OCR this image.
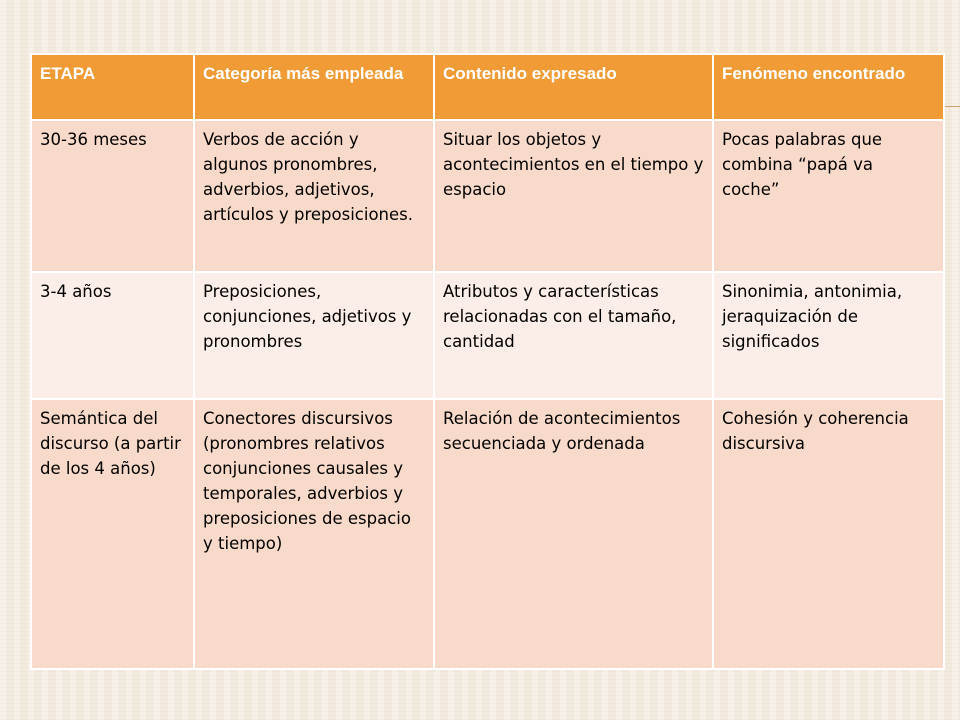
ETAPA	Categoría más empleada	Contenido expresado	Fenómeno encontrado
30-36 meses	Verbos de acción y algunos pronombres, adverbios, adjetivos, artículos y preposiciones.	Situar los objetos y acontecimientos en el tiempo y espacio	Pocas palabras que combina “papá va coche”
3-4 años	Preposiciones, conjunciones, adjetivos y pronombres	Atributos y características relacionadas con el tamaño, cantidad	Sinonimia, antonimia, jeraquización de significados
Semántica del discurso (a partir de los 4 años)	Conectores discursivos (pronombres relativos conjunciones causales y temporales, adverbios y preposiciones de espacio y tiempo)	Relación de acontecimientos secuenciada y ordenada	Cohesión y coherencia discursiva
